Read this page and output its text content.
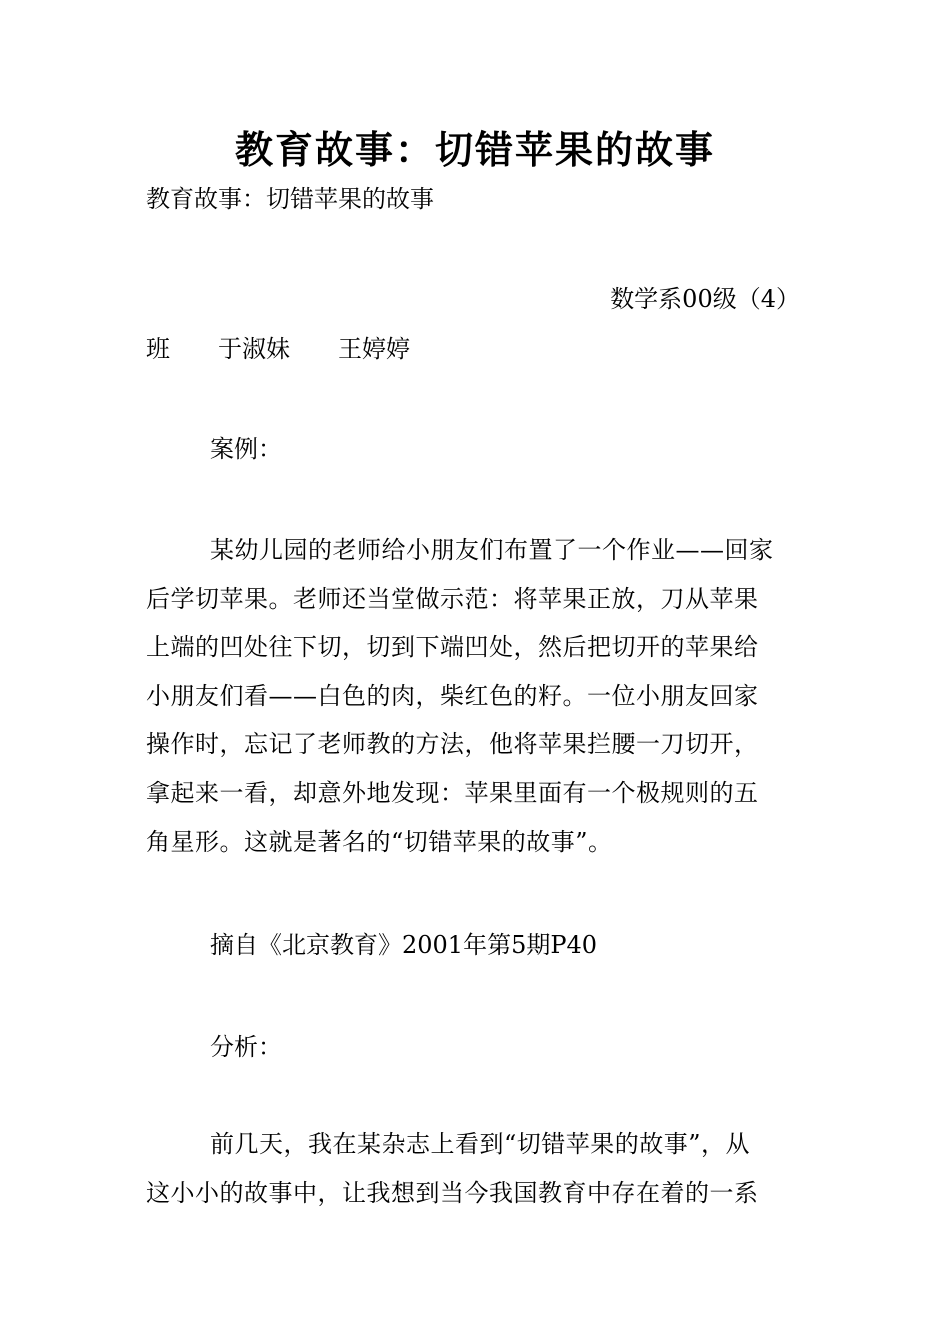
教育故事：切错苹果的故事
教育故事：切错苹果的故事
数学系00级（4）
班　　于淑妹　　王婷婷
案例：
某幼儿园的老师给小朋友们布置了一个作业——回家
后学切苹果。老师还当堂做示范：将苹果正放，刀从苹果
上端的凹处往下切，切到下端凹处，然后把切开的苹果给
小朋友们看——白色的肉，柴红色的籽。一位小朋友回家
操作时，忘记了老师教的方法，他将苹果拦腰一刀切开，
拿起来一看，却意外地发现：苹果里面有一个极规则的五
角星形。这就是著名的“切错苹果的故事”。
摘自《北京教育》2001年第5期P40
分析：
前几天，我在某杂志上看到“切错苹果的故事”，从
这小小的故事中，让我想到当今我国教育中存在着的一系
